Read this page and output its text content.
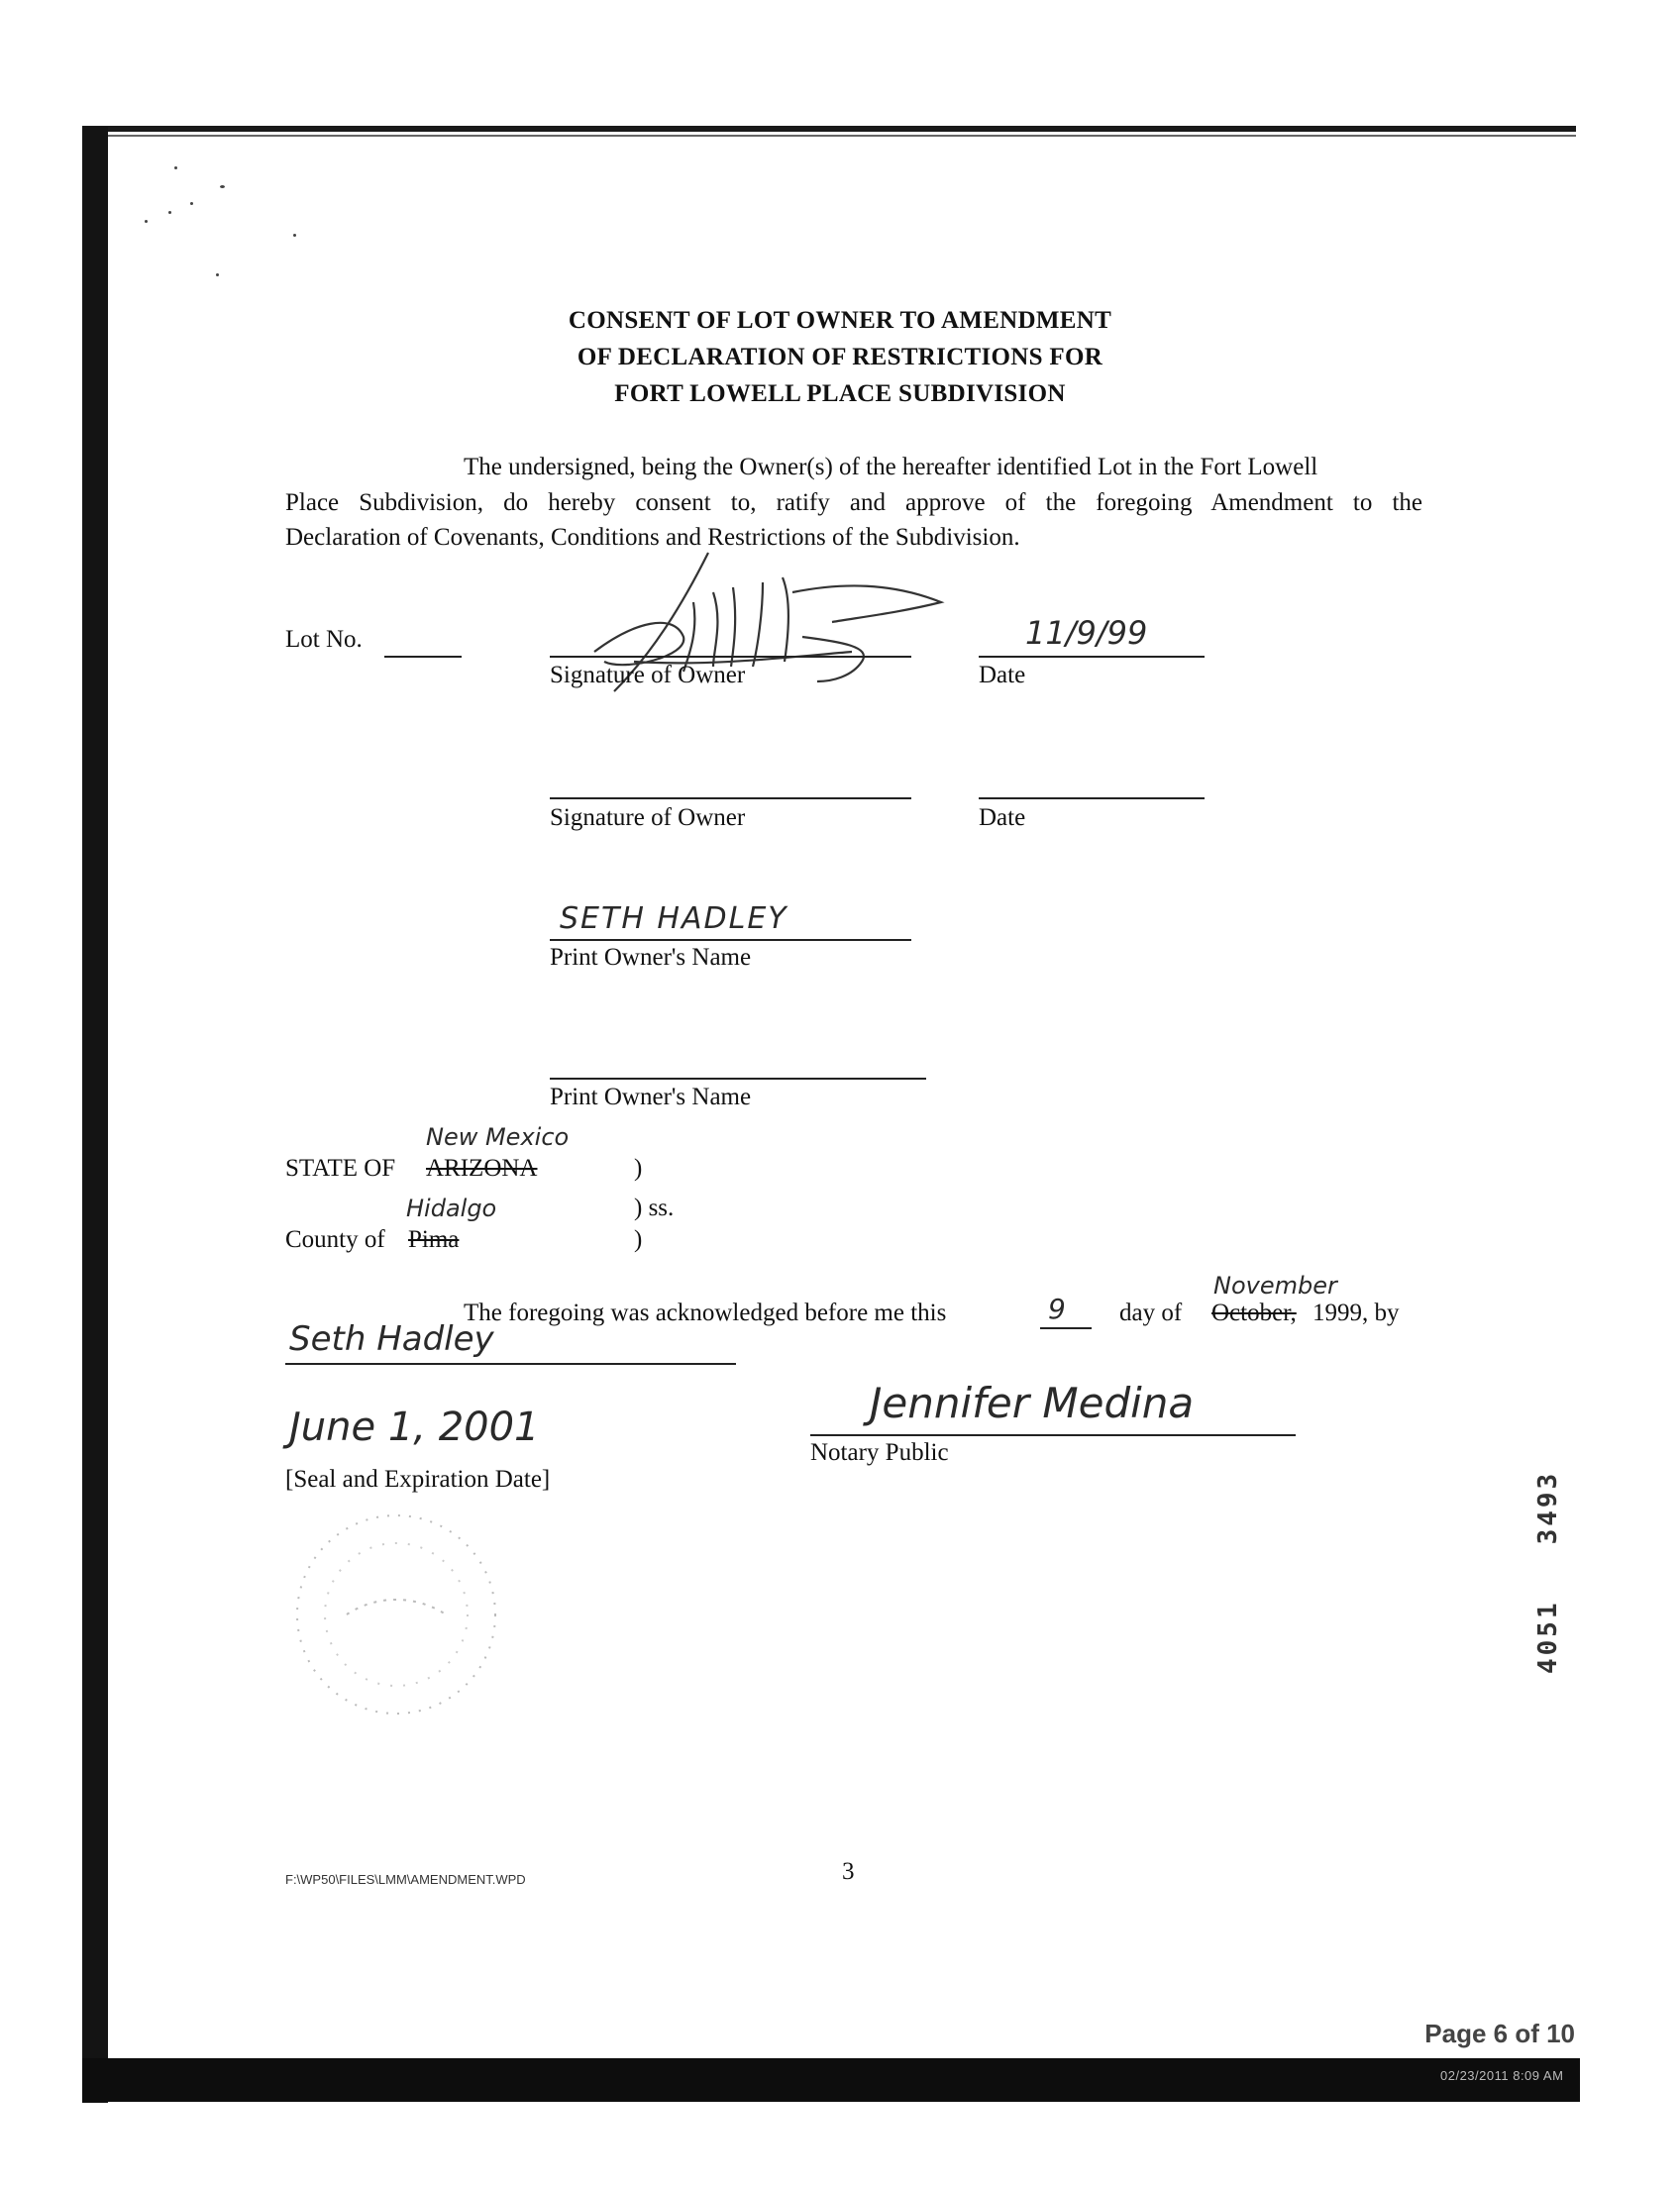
CONSENT OF LOT OWNER TO AMENDMENT
OF DECLARATION OF RESTRICTIONS FOR
FORT LOWELL PLACE SUBDIVISION
The undersigned, being the Owner(s) of the hereafter identified Lot in the Fort Lowell
Place Subdivision, do hereby consent to, ratify and approve of the foregoing Amendment to the
Declaration of Covenants, Conditions and Restrictions of the Subdivision.
Lot No.
Signature of Owner
11/9/99
Date
Signature of Owner	Date
SETH HADLEY
Print Owner's Name
Print Owner's Name
New Mexico
STATE OF ARIZONA	)
Hidalgo	) ss.
County of Pima	)
November
The foregoing was acknowledged before me this	9 day of October, 1999, by
Seth Hadley
June 1, 2001
[Seal and Expiration Date]
Jennifer Medina
Notary Public
4051   3493
F:\WP50\FILES\LMM\AMENDMENT.WPD	3
Page 6 of 10
02/23/2011 8:09 AM
